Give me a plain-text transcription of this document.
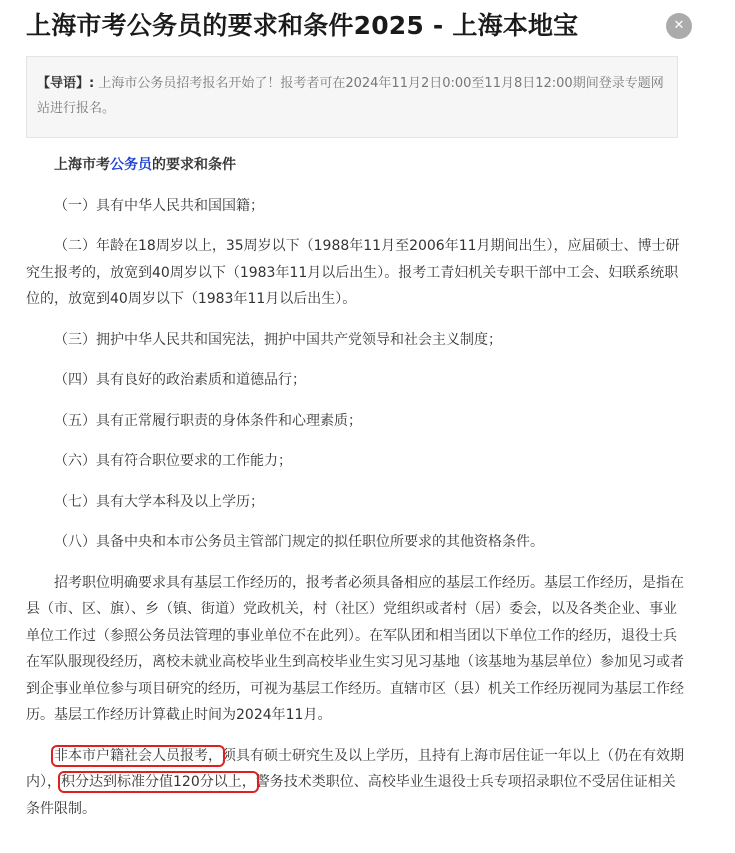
上海市考公务员的要求和条件2025 - 上海本地宝	✕
【导语】: 上海市公务员招考报名开始了！报考者可在2024年11月2日0:00至11月8日12:00期间登录专题网站进行报名。

上海市考公务员的要求和条件

（一）具有中华人民共和国国籍；

（二）年龄在18周岁以上，35周岁以下（1988年11月至2006年11月期间出生），应届硕士、博士研究生报考的，放宽到40周岁以下（1983年11月以后出生）。报考工青妇机关专职干部中工会、妇联系统职位的，放宽到40周岁以下（1983年11月以后出生）。

（三）拥护中华人民共和国宪法，拥护中国共产党领导和社会主义制度；

（四）具有良好的政治素质和道德品行；

（五）具有正常履行职责的身体条件和心理素质；

（六）具有符合职位要求的工作能力；

（七）具有大学本科及以上学历；

（八）具备中央和本市公务员主管部门规定的拟任职位所要求的其他资格条件。

招考职位明确要求具有基层工作经历的，报考者必须具备相应的基层工作经历。基层工作经历，是指在县（市、区、旗）、乡（镇、街道）党政机关，村（社区）党组织或者村（居）委会，以及各类企业、事业单位工作过（参照公务员法管理的事业单位不在此列）。在军队团和相当团以下单位工作的经历，退役士兵在军队服现役经历，离校未就业高校毕业生到高校毕业生实习见习基地（该基地为基层单位）参加见习或者到企事业单位参与项目研究的经历，可视为基层工作经历。直辖市区（县）机关工作经历视同为基层工作经历。基层工作经历计算截止时间为2024年11月。

非本市户籍社会人员报考，须具有硕士研究生及以上学历，且持有上海市居住证一年以上（仍在有效期内），积分达到标准分值120分以上，警务技术类职位、高校毕业生退役士兵专项招录职位不受居住证相关条件限制。
